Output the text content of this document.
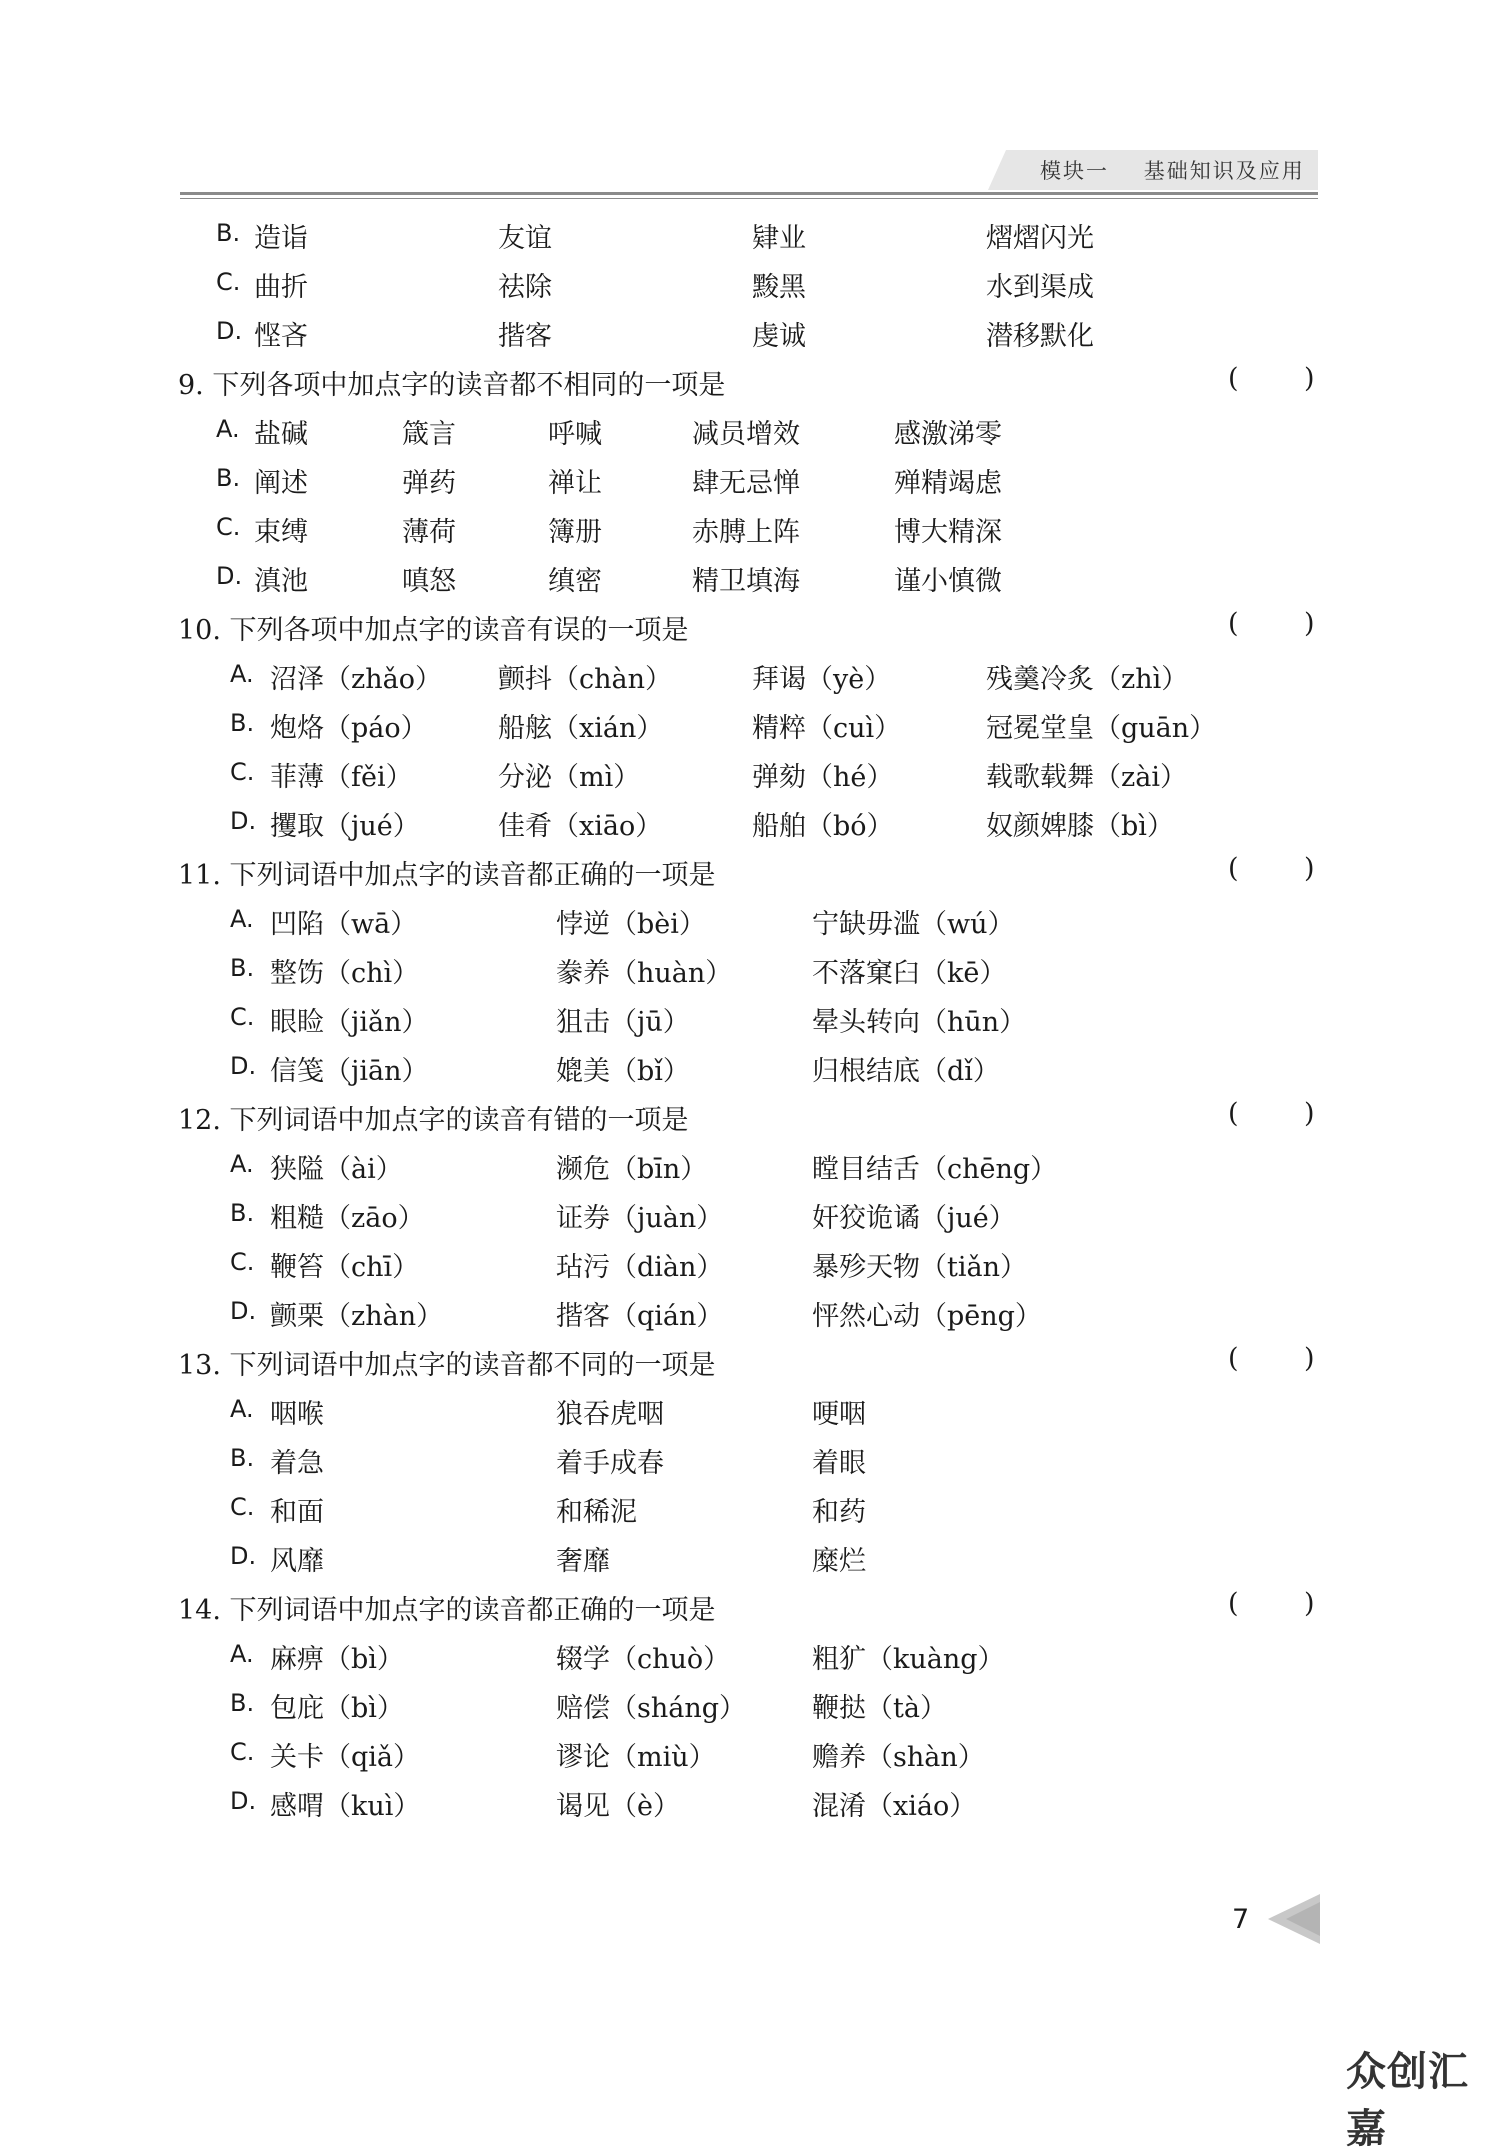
模块一    基础知识及应用
B. 造诣	友谊	肄业	熠熠闪光
C. 曲折	祛除	黢黑	水到渠成
D. 悭吝	揩客	虔诚	潜移默化
9. 下列各项中加点字的读音都不相同的一项是	( )
A. 盐碱	箴言	呼喊	减员增效	感激涕零
B. 阐述	弹药	禅让	肆无忌惮	殚精竭虑
C. 束缚	薄荷	簿册	赤膊上阵	博大精深
D. 滇池	嗔怒	缜密	精卫填海	谨小慎微
10. 下列各项中加点字的读音有误的一项是	( )
A. 沼泽（zhǎo） 颤抖（chàn）	拜谒（yè）	残羹冷炙（zhì）
B. 炮烙（páo）	船舷（xián）	精粹（cuì）	冠冕堂皇（guān）
C. 菲薄（fěi）	分泌（mì）	弹劾（hé）	载歌载舞（zài）
D. 攫取（jué）	佳肴（xiāo）	船舶（bó）	奴颜婢膝（bì）
11. 下列词语中加点字的读音都正确的一项是	( )
A. 凹陷（wā）	悖逆（bèi）	宁缺毋滥（wú）
B. 整饬（chì）	豢养（huàn）	不落窠臼（kē）
C. 眼睑（jiǎn）	狙击（jū）	晕头转向（hūn）
D. 信笺（jiān）	媲美（bǐ）	归根结底（dǐ）
12. 下列词语中加点字的读音有错的一项是	( )
A. 狭隘（ài）	濒危（bīn）	瞠目结舌（chēng）
B. 粗糙（zāo）	证券（juàn）	奸狡诡谲（jué）
C. 鞭笞（chī）	玷污（diàn）	暴殄天物（tiǎn）
D. 颤栗（zhàn）	揩客（qián）	怦然心动（pēng）
13. 下列词语中加点字的读音都不同的一项是	( )
A. 咽喉	狼吞虎咽	哽咽
B. 着急	着手成春	着眼
C. 和面	和稀泥	和药
D. 风靡	奢靡	糜烂
14. 下列词语中加点字的读音都正确的一项是	( )
A. 麻痹（bì）	辍学（chuò）	粗犷（kuàng）
B. 包庇（bì）	赔偿（sháng） 鞭挞（tà）
C. 关卡（qiǎ）	谬论（miù）	赡养（shàn）
D. 感喟（kuì）	谒见（è）	混淆（xiáo）
7
众创汇嘉
